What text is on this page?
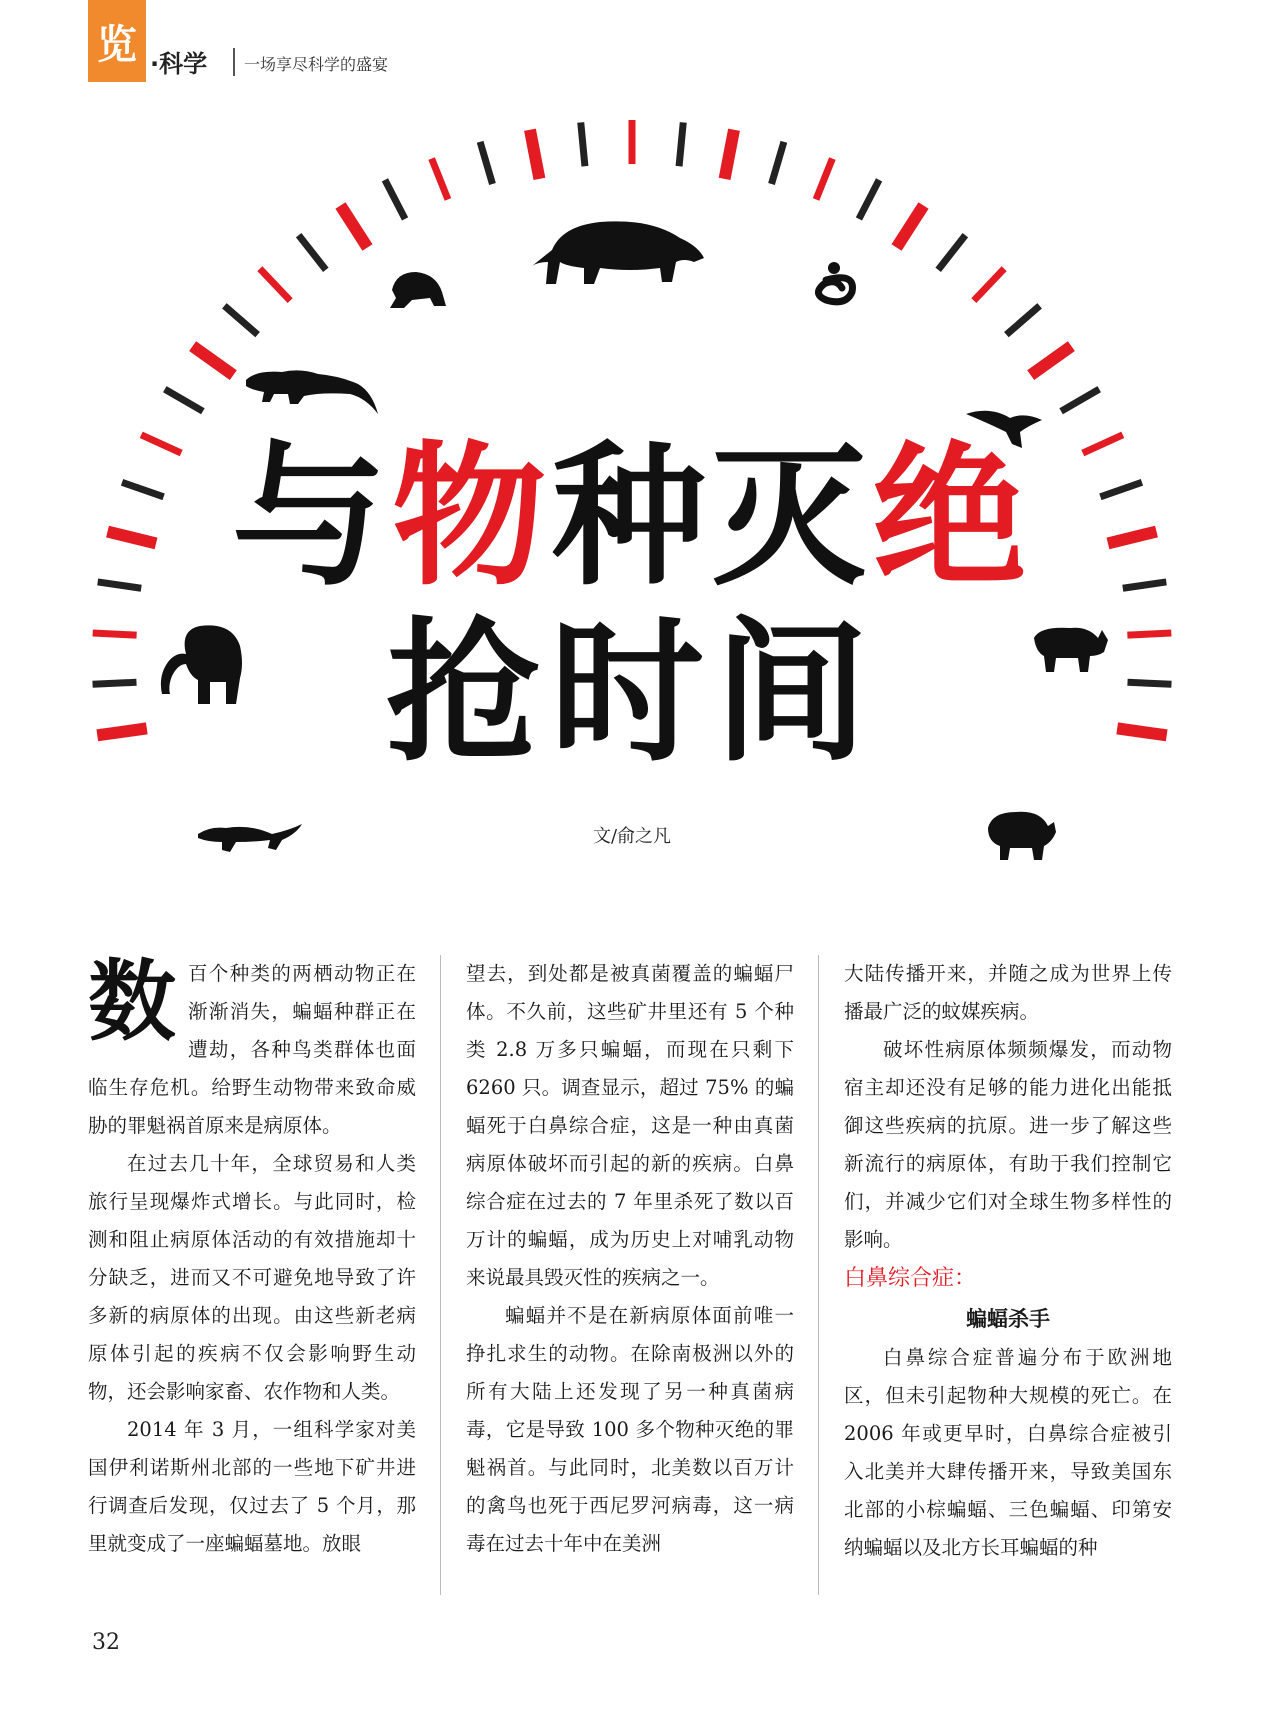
览 ·科学 一场享尽科学的盛宴
与物种灭绝
抢时间
文/俞之凡

数百个种类的两栖动物正在渐渐消失，蝙蝠种群正在遭劫，各种鸟类群体也面临生存危机。给野生动物带来致命威胁的罪魁祸首原来是病原体。

在过去几十年，全球贸易和人类旅行呈现爆炸式增长。与此同时，检测和阻止病原体活动的有效措施却十分缺乏，进而又不可避免地导致了许多新的病原体的出现。由这些新老病原体引起的疾病不仅会影响野生动物，还会影响家畜、农作物和人类。

2014 年 3 月，一组科学家对美国伊利诺斯州北部的一些地下矿井进行调查后发现，仅过去了 5 个月，那里就变成了一座蝙蝠墓地。放眼

望去，到处都是被真菌覆盖的蝙蝠尸体。不久前，这些矿井里还有 5 个种类 2.8 万多只蝙蝠，而现在只剩下 6260 只。调查显示，超过 75% 的蝙蝠死于白鼻综合症，这是一种由真菌病原体破坏而引起的新的疾病。白鼻综合症在过去的 7 年里杀死了数以百万计的蝙蝠，成为历史上对哺乳动物来说最具毁灭性的疾病之一。

蝙蝠并不是在新病原体面前唯一挣扎求生的动物。在除南极洲以外的所有大陆上还发现了另一种真菌病毒，它是导致 100 多个物种灭绝的罪魁祸首。与此同时，北美数以百万计的禽鸟也死于西尼罗河病毒，这一病毒在过去十年中在美洲

大陆传播开来，并随之成为世界上传播最广泛的蚊媒疾病。

破坏性病原体频频爆发，而动物宿主却还没有足够的能力进化出能抵御这些疾病的抗原。进一步了解这些新流行的病原体，有助于我们控制它们，并减少它们对全球生物多样性的影响。

白鼻综合症：

蝙蝠杀手

白鼻综合症普遍分布于欧洲地区，但未引起物种大规模的死亡。在 2006 年或更早时，白鼻综合症被引入北美并大肆传播开来，导致美国东北部的小棕蝙蝠、三色蝙蝠、印第安纳蝙蝠以及北方长耳蝙蝠的种

32
